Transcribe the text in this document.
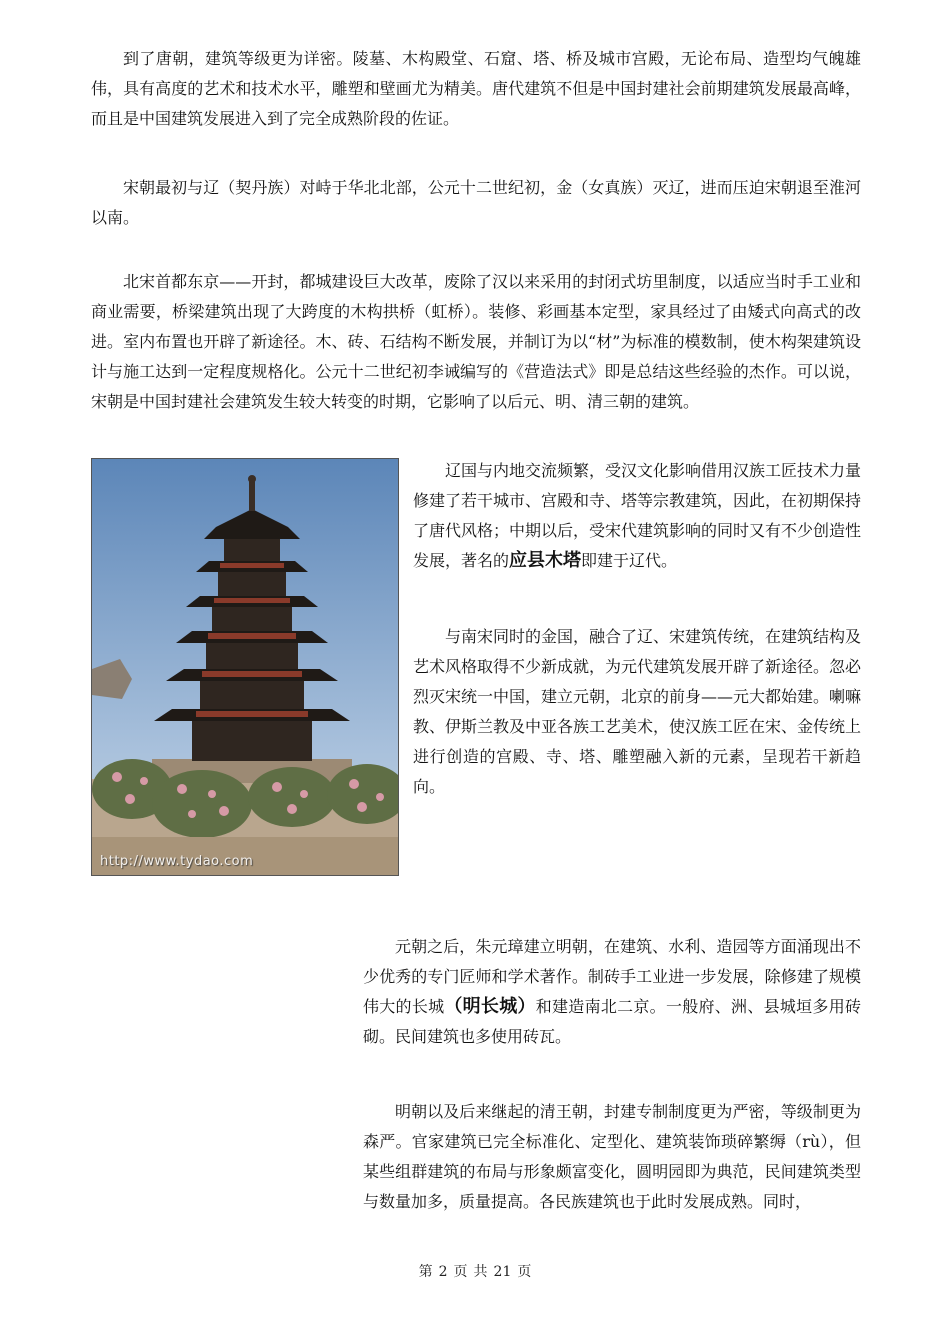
到了唐朝，建筑等级更为详密。陵墓、木构殿堂、石窟、塔、桥及城市宫殿，无论布局、造型均气魄雄伟，具有高度的艺术和技术水平，雕塑和壁画尤为精美。唐代建筑不但是中国封建社会前期建筑发展最高峰，而且是中国建筑发展进入到了完全成熟阶段的佐证。

宋朝最初与辽（契丹族）对峙于华北北部，公元十二世纪初，金（女真族）灭辽，进而压迫宋朝退至淮河以南。

北宋首都东京——开封，都城建设巨大改革，废除了汉以来采用的封闭式坊里制度，以适应当时手工业和商业需要，桥梁建筑出现了大跨度的木构拱桥（虹桥）。装修、彩画基本定型，家具经过了由矮式向高式的改进。室内布置也开辟了新途径。木、砖、石结构不断发展，并制订为以“材”为标准的模数制，使木构架建筑设计与施工达到一定程度规格化。公元十二世纪初李诫编写的《营造法式》即是总结这些经验的杰作。可以说，宋朝是中国封建社会建筑发生较大转变的时期，它影响了以后元、明、清三朝的建筑。

http://www.tydao.com

辽国与内地交流频繁，受汉文化影响借用汉族工匠技术力量修建了若干城市、宫殿和寺、塔等宗教建筑，因此，在初期保持了唐代风格；中期以后，受宋代建筑影响的同时又有不少创造性发展，著名的应县木塔即建于辽代。

与南宋同时的金国，融合了辽、宋建筑传统，在建筑结构及艺术风格取得不少新成就，为元代建筑发展开辟了新途径。忽必烈灭宋统一中国，建立元朝，北京的前身——元大都始建。喇嘛教、伊斯兰教及中亚各族工艺美术，使汉族工匠在宋、金传统上进行创造的宫殿、寺、塔、雕塑融入新的元素，呈现若干新趋向。

元朝之后，朱元璋建立明朝，在建筑、水利、造园等方面涌现出不少优秀的专门匠师和学术著作。制砖手工业进一步发展，除修建了规模伟大的长城（明长城）和建造南北二京。一般府、洲、县城垣多用砖砌。民间建筑也多使用砖瓦。

明朝以及后来继起的清王朝，封建专制制度更为严密，等级制更为森严。官家建筑已完全标准化、定型化、建筑装饰琐碎繁缛（rù），但某些组群建筑的布局与形象颇富变化，圆明园即为典范，民间建筑类型与数量加多，质量提高。各民族建筑也于此时发展成熟。同时，

第 2 页 共 21 页
